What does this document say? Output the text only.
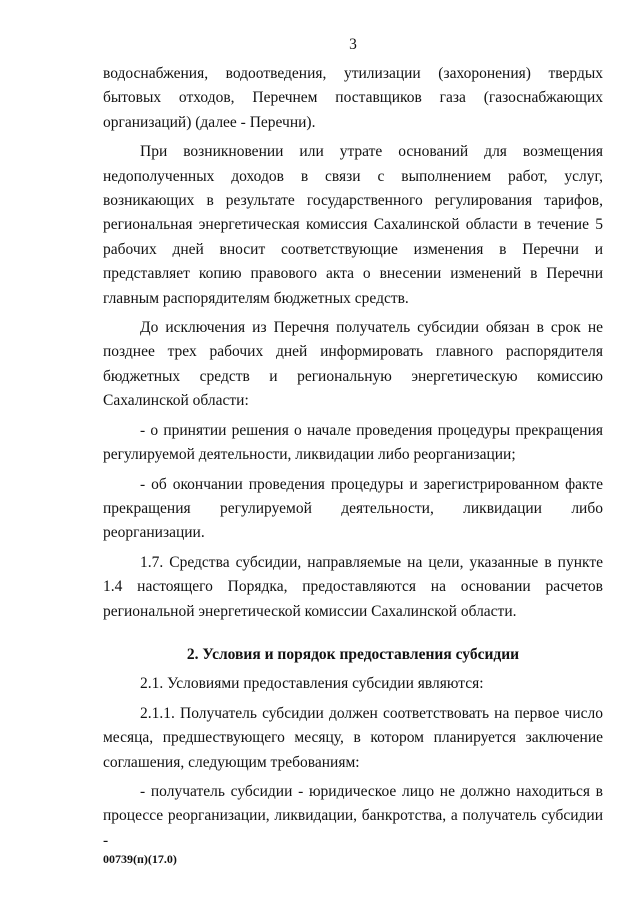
3

водоснабжения, водоотведения, утилизации (захоронения) твердых бытовых отходов, Перечнем поставщиков газа (газоснабжающих организаций) (далее - Перечни).

При возникновении или утрате оснований для возмещения недополученных доходов в связи с выполнением работ, услуг, возникающих в результате государственного регулирования тарифов, региональная энергетическая комиссия Сахалинской области в течение 5 рабочих дней вносит соответствующие изменения в Перечни и представляет копию правового акта о внесении изменений в Перечни главным распорядителям бюджетных средств.

До исключения из Перечня получатель субсидии обязан в срок не позднее трех рабочих дней информировать главного распорядителя бюджетных средств и региональную энергетическую комиссию Сахалинской области:

- о принятии решения о начале проведения процедуры прекращения регулируемой деятельности, ликвидации либо реорганизации;

- об окончании проведения процедуры и зарегистрированном факте прекращения регулируемой деятельности, ликвидации либо реорганизации.

1.7. Средства субсидии, направляемые на цели, указанные в пункте 1.4 настоящего Порядка, предоставляются на основании расчетов региональной энергетической комиссии Сахалинской области.

2. Условия и порядок предоставления субсидии

2.1. Условиями предоставления субсидии являются:

2.1.1. Получатель субсидии должен соответствовать на первое число месяца, предшествующего месяцу, в котором планируется заключение соглашения, следующим требованиям:

- получатель субсидии - юридическое лицо не должно находиться в процессе реорганизации, ликвидации, банкротства, а получатель субсидии -

00739(п)(17.0)
